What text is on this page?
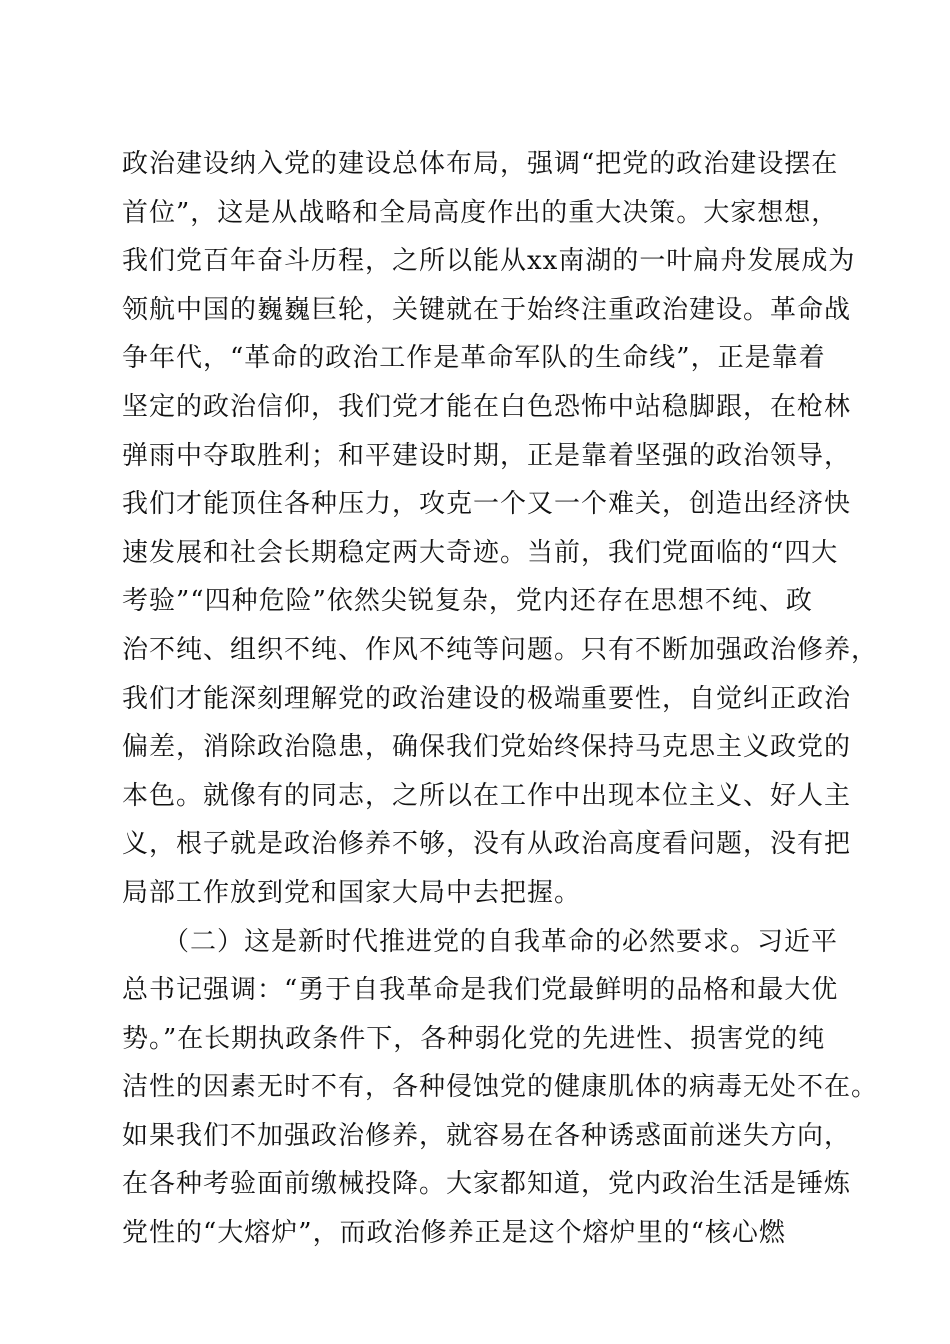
政治建设纳入党的建设总体布局，强调“把党的政治建设摆在
首位”，这是从战略和全局高度作出的重大决策。大家想想，
我们党百年奋斗历程，之所以能从xx南湖的一叶扁舟发展成为
领航中国的巍巍巨轮，关键就在于始终注重政治建设。革命战
争年代，“革命的政治工作是革命军队的生命线”，正是靠着
坚定的政治信仰，我们党才能在白色恐怖中站稳脚跟，在枪林
弹雨中夺取胜利；和平建设时期，正是靠着坚强的政治领导，
我们才能顶住各种压力，攻克一个又一个难关，创造出经济快
速发展和社会长期稳定两大奇迹。当前，我们党面临的“四大
考验”“四种危险”依然尖锐复杂，党内还存在思想不纯、政
治不纯、组织不纯、作风不纯等问题。只有不断加强政治修养，
我们才能深刻理解党的政治建设的极端重要性，自觉纠正政治
偏差，消除政治隐患，确保我们党始终保持马克思主义政党的
本色。就像有的同志，之所以在工作中出现本位主义、好人主
义，根子就是政治修养不够，没有从政治高度看问题，没有把
局部工作放到党和国家大局中去把握。
　　（二）这是新时代推进党的自我革命的必然要求。习近平
总书记强调：“勇于自我革命是我们党最鲜明的品格和最大优
势。”在长期执政条件下，各种弱化党的先进性、损害党的纯
洁性的因素无时不有，各种侵蚀党的健康肌体的病毒无处不在。
如果我们不加强政治修养，就容易在各种诱惑面前迷失方向，
在各种考验面前缴械投降。大家都知道，党内政治生活是锤炼
党性的“大熔炉”，而政治修养正是这个熔炉里的“核心燃
